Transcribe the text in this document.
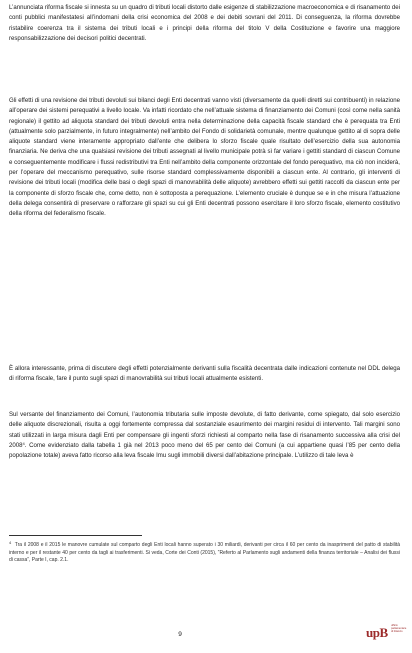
L’annunciata riforma fiscale si innesta su un quadro di tributi locali distorto dalle esigenze di stabilizzazione macroeconomica e di risanamento dei conti pubblici manifestatesi all’indomani della crisi economica del 2008 e dei debiti sovrani del 2011. Di conseguenza, la riforma dovrebbe ristabilire coerenza tra il sistema dei tributi locali e i principi della riforma del titolo V della Costituzione e favorire una maggiore responsabilizzazione dei decisori politici decentrati.

Gli effetti di una revisione dei tributi devoluti sui bilanci degli Enti decentrati vanno visti (diversamente da quelli diretti sui contribuenti) in relazione all’operare dei sistemi perequativi a livello locale. Va infatti ricordato che nell’attuale sistema di finanziamento dei Comuni (così come nella sanità regionale) il gettito ad aliquota standard dei tributi devoluti entra nella determinazione della capacità fiscale standard che è perequata tra Enti (attualmente solo parzialmente, in futuro integralmente) nell’ambito del Fondo di solidarietà comunale, mentre qualunque gettito al di sopra delle aliquote standard viene interamente appropriato dall’ente che delibera lo sforzo fiscale quale risultato dell’esercizio della sua autonomia finanziaria. Ne deriva che una qualsiasi revisione dei tributi assegnati al livello municipale potrà sì far variare i gettiti standard di ciascun Comune e conseguentemente modificare i flussi redistributivi tra Enti nell’ambito della componente orizzontale del fondo perequativo, ma ciò non inciderà, per l’operare del meccanismo perequativo, sulle risorse standard complessivamente disponibili a ciascun ente. Al contrario, gli interventi di revisione dei tributi locali (modifica delle basi o degli spazi di manovrabilità delle aliquote) avrebbero effetti sui gettiti raccolti da ciascun ente per la componente di sforzo fiscale che, come detto, non è sottoposta a perequazione. L’elemento cruciale è dunque se e in che misura l’attuazione della delega consentirà di preservare o rafforzare gli spazi su cui gli Enti decentrati possono esercitare il loro sforzo fiscale, elemento costitutivo della riforma del federalismo fiscale.

È allora interessante, prima di discutere degli effetti potenzialmente derivanti sulla fiscalità decentrata dalle indicazioni contenute nel DDL delega di riforma fiscale, fare il punto sugli spazi di manovrabilità sui tributi locali attualmente esistenti.

Sul versante del finanziamento dei Comuni, l’autonomia tributaria sulle imposte devolute, di fatto derivante, come spiegato, dal solo esercizio delle aliquote discrezionali, risulta a oggi fortemente compressa dal sostanziale esaurimento dei margini residui di intervento. Tali margini sono stati utilizzati in larga misura dagli Enti per compensare gli ingenti sforzi richiesti al comparto nella fase di risanamento successiva alla crisi del 2008$^4$. Come evidenziato dalla tabella 1 già nel 2013 poco meno del 65 per cento dei Comuni (a cui appartiene quasi l’85 per cento della popolazione totale) aveva fatto ricorso alla leva fiscale Imu sugli immobili diversi dall’abitazione principale. L’utilizzo di tale leva è

$^4$ Tra il 2008 e il 2015 le manovre cumulate sul comparto degli Enti locali hanno superato i 30 miliardi, derivanti per circa il 60 per cento da inasprimenti del patto di stabilità interno e per il restante 40 per cento da tagli ai trasferimenti. Si veda, Corte dei Conti (2015), “Referto al Parlamento sugli andamenti della finanza territoriale – Analisi dei flussi di cassa”, Parte I, cap. 2.1.

9	upB ufficio
parlamentare
di bilancio
